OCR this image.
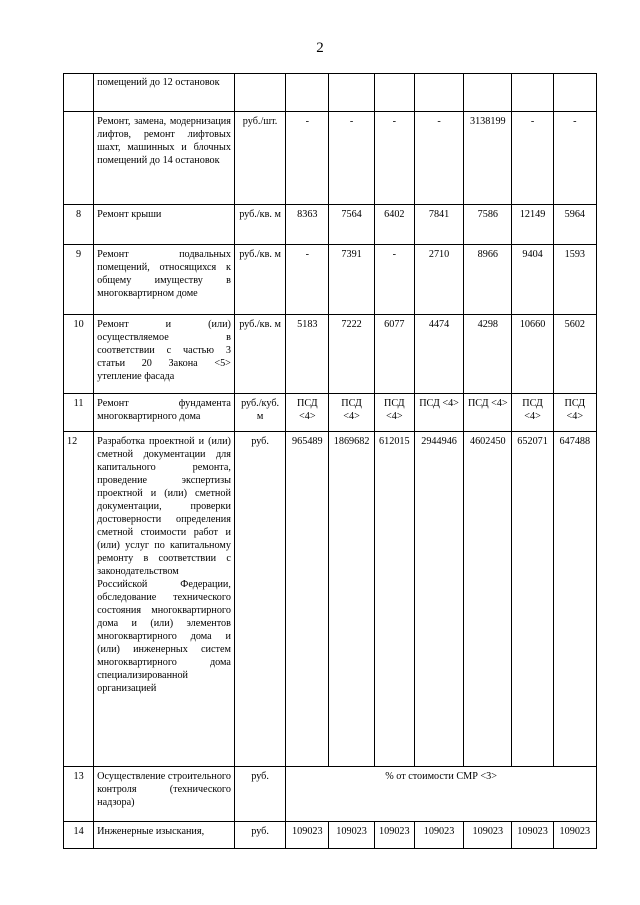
2
	помещений до 12 остановок								
	Ремонт, замена, модернизация лифтов, ремонт лифтовых шахт, машинных и блочных помещений до 14 остановок	руб./шт.	-	-	-	-	3138199	-	-
8	Ремонт крыши	руб./кв. м	8363	7564	6402	7841	7586	12149	5964
9	Ремонт подвальных помещений, относящихся к общему имуществу в многоквартирном доме	руб./кв. м	-	7391	-	2710	8966	9404	1593
10	Ремонт и (или) осуществляемое в соответствии с частью 3 статьи 20 Закона <5> утепление фасада	руб./кв. м	5183	7222	6077	4474	4298	10660	5602
11	Ремонт фундамента многоквартирного дома	руб./куб. м	ПСД <4>	ПСД <4>	ПСД <4>	ПСД <4>	ПСД <4>	ПСД <4>	ПСД <4>
12	Разработка проектной и (или) сметной документации для капитального ремонта, проведение экспертизы проектной и (или) сметной документации, проверки достоверности определения сметной стоимости работ и (или) услуг по капитальному ремонту в соответствии с законодательством Российской Федерации, обследование технического состояния многоквартирного дома и (или) элементов многоквартирного дома и (или) инженерных систем многоквартирного дома специализированной организацией	руб.	965489	1869682	612015	2944946	4602450	652071	647488
13	Осуществление строительного контроля (технического надзора)	руб.	% от стоимости СМР <3>						
14	Инженерные изыскания,	руб.	109023	109023	109023	109023	109023	109023	109023
